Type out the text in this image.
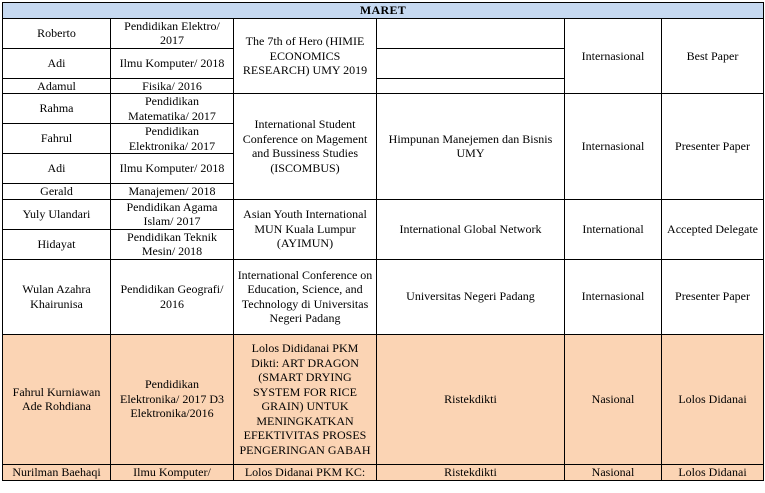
MARET					
Roberto	Pendidikan Elektro/ 2017	The 7th of Hero (HIMIE ECONOMICS RESEARCH) UMY 2019		Internasional	Best Paper
Adi	Ilmu Komputer/ 2018				
Adamul	Fisika/ 2016				
Rahma	Pendidikan Matematika/ 2017	International Student Conference on Magement and Bussiness Studies (ISCOMBUS)	Himpunan Manejemen dan Bisnis UMY	Internasional	Presenter Paper
Fahrul	Pendidikan Elektronika/ 2017				
Adi	Ilmu Komputer/ 2018				
Gerald	Manajemen/ 2018				
Yuly Ulandari	Pendidikan Agama Islam/ 2017	Asian Youth International MUN Kuala Lumpur (AYIMUN)	International Global Network	International	Accepted Delegate
Hidayat	Pendidikan Teknik Mesin/ 2018				
Wulan Azahra Khairunisa	Pendidikan Geografi/ 2016	International Conference on Education, Science, and Technology di Universitas Negeri Padang	Universitas Negeri Padang	Internasional	Presenter Paper
Fahrul Kurniawan Ade Rohdiana	Pendidikan Elektronika/ 2017 D3 Elektronika/2016	Lolos Dididanai PKM Dikti: ART DRAGON (SMART DRYING SYSTEM FOR RICE GRAIN) UNTUK MENINGKATKAN EFEKTIVITAS PROSES PENGERINGAN GABAH	Ristekdikti	Nasional	Lolos Didanai
Nurilman Baehaqi	Ilmu Komputer/	Lolos Didanai PKM KC:	Ristekdikti	Nasional	Lolos Didanai
